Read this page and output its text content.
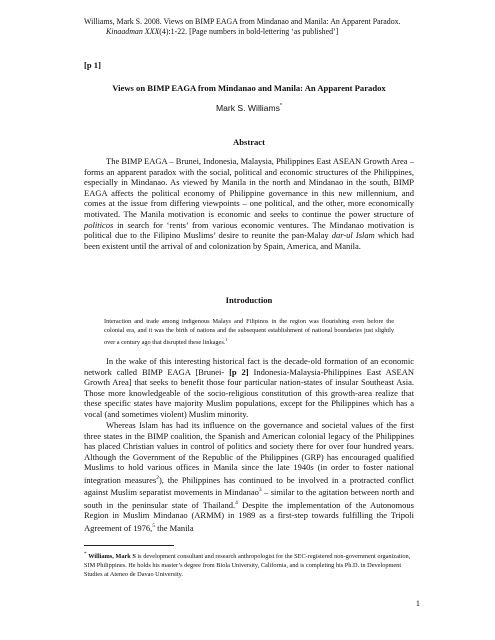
Williams, Mark S. 2008. Views on BIMP EAGA from Mindanao and Manila: An Apparent Paradox.
Kinaadman XXX(4):1-22. [Page numbers in bold-lettering ‘as published’]
[p 1]
Views on BIMP EAGA from Mindanao and Manila: An Apparent Paradox
Mark S. Williams*
Abstract
The BIMP EAGA – Brunei, Indonesia, Malaysia, Philippines East ASEAN Growth Area – forms an apparent paradox with the social, political and economic structures of the Philippines, especially in Mindanao. As viewed by Manila in the north and Mindanao in the south, BIMP EAGA affects the political economy of Philippine governance in this new millennium, and comes at the issue from differing viewpoints – one political, and the other, more economically motivated. The Manila motivation is economic and seeks to continue the power structure of politicos in search for ‘rents’ from various economic ventures. The Mindanao motivation is political due to the Filipino Muslims’ desire to reunite the pan-Malay dar-ul Islam which had been existent until the arrival of and colonization by Spain, America, and Manila.
Introduction
Interaction and trade among indigenous Malays and Filipinos in the region was flourishing even before the colonial era, and it was the birth of nations and the subsequent establishment of national boundaries just slightly over a century ago that disrupted these linkages.$^1$
In the wake of this interesting historical fact is the decade-old formation of an economic network called BIMP EAGA [Brunei- [p 2] Indonesia-Malaysia-Philippines East ASEAN Growth Area] that seeks to benefit those four particular nation-states of insular Southeast Asia. Those more knowledgeable of the socio-religious constitution of this growth-area realize that these specific states have majority Muslim populations, except for the Philippines which has a vocal (and sometimes violent) Muslim minority.
Whereas Islam has had its influence on the governance and societal values of the first three states in the BIMP coalition, the Spanish and American colonial legacy of the Philippines has placed Christian values in control of politics and society there for over four hundred years. Although the Government of the Republic of the Philippines (GRP) has encouraged qualified Muslims to hold various offices in Manila since the late 1940s (in order to foster national integration measures$^2$), the Philippines has continued to be involved in a protracted conflict against Muslim separatist movements in Mindanao$^3$ – similar to the agitation between north and south in the peninsular state of Thailand.$^4$ Despite the implementation of the Autonomous Region in Muslim Mindanao (ARMM) in 1989 as a first-step towards fulfilling the Tripoli Agreement of 1976,$^5$ the Manila
* Williams, Mark S is development consultant and research anthropologist for the SEC-registered non-government organization, SIM Philippines. He holds his master’s degree from Biola University, California, and is completing his Ph.D. in Development Studies at Ateneo de Davao University.
1
